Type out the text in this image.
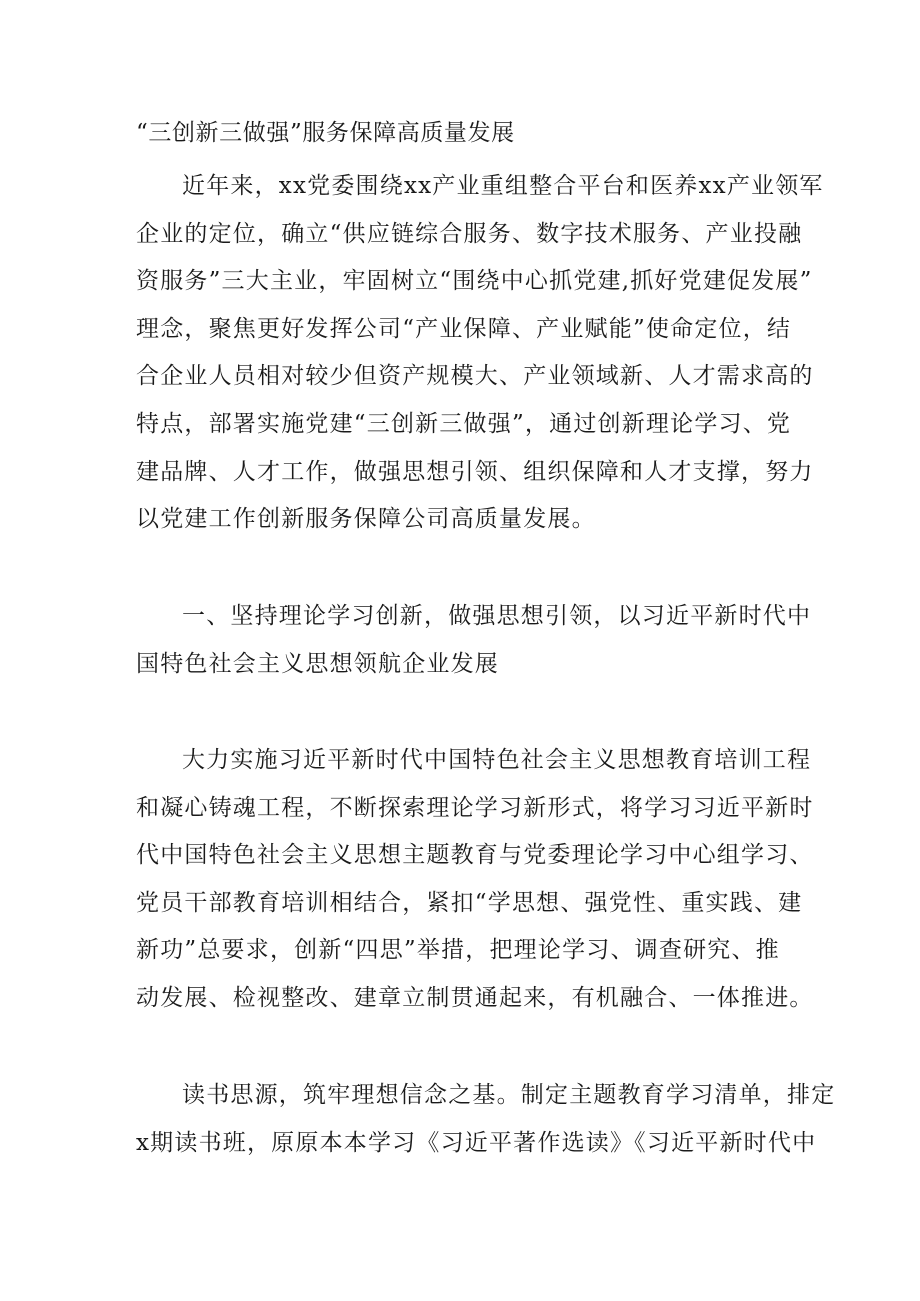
“三创新三做强”服务保障高质量发展
近年来，xx党委围绕xx产业重组整合平台和医养xx产业领军
企业的定位，确立“供应链综合服务、数字技术服务、产业投融
资服务”三大主业，牢固树立“围绕中心抓党建,抓好党建促发展”
理念，聚焦更好发挥公司“产业保障、产业赋能”使命定位，结
合企业人员相对较少但资产规模大、产业领域新、人才需求高的
特点，部署实施党建“三创新三做强”，通过创新理论学习、党
建品牌、人才工作，做强思想引领、组织保障和人才支撑，努力
以党建工作创新服务保障公司高质量发展。
一、坚持理论学习创新，做强思想引领，以习近平新时代中
国特色社会主义思想领航企业发展
大力实施习近平新时代中国特色社会主义思想教育培训工程
和凝心铸魂工程，不断探索理论学习新形式，将学习习近平新时
代中国特色社会主义思想主题教育与党委理论学习中心组学习、
党员干部教育培训相结合，紧扣“学思想、强党性、重实践、建
新功”总要求，创新“四思”举措，把理论学习、调查研究、推
动发展、检视整改、建章立制贯通起来，有机融合、一体推进。
读书思源，筑牢理想信念之基。制定主题教育学习清单，排定
x期读书班，原原本本学习《习近平著作选读》《习近平新时代中
